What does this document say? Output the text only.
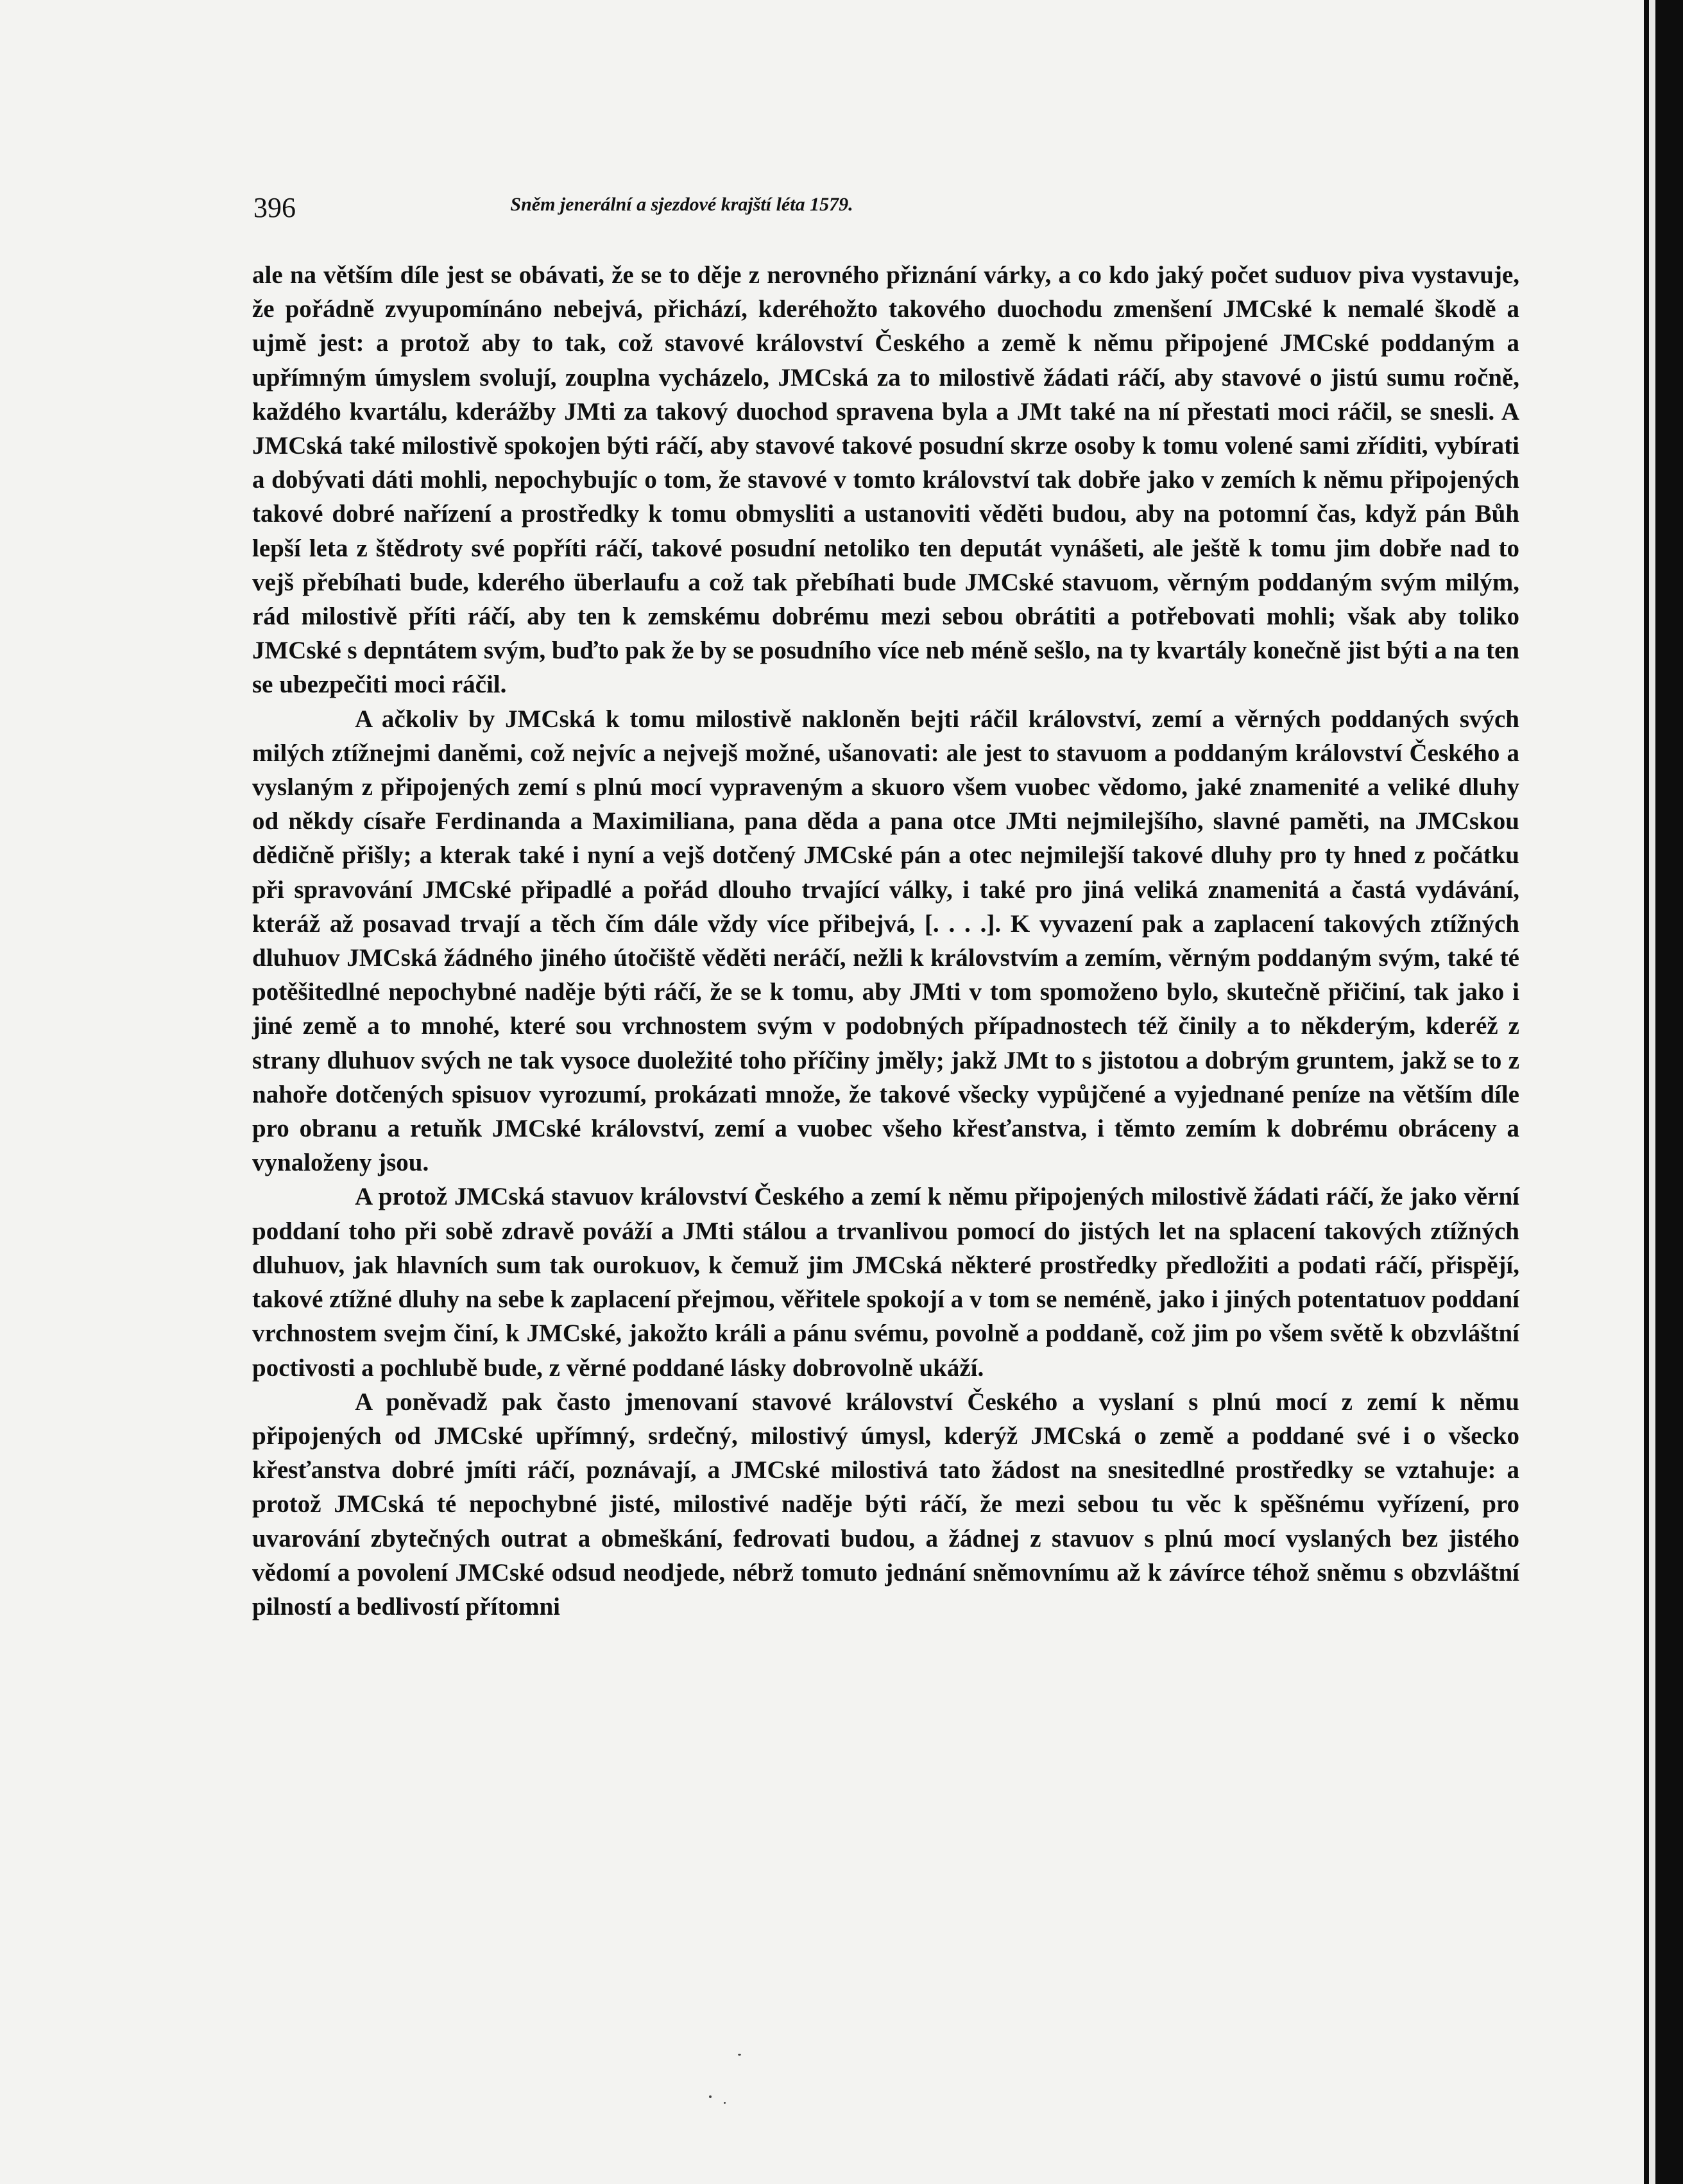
396	Sněm jenerální a sjezdové krajští léta 1579.

ale na větším díle jest se obávati, že se to děje z nerovného přiznání várky, a co kdo jaký počet suduov piva vystavuje, že pořádně zvyupomínáno nebejvá, přichází, kderéhožto takového duochodu zmenšení JMCské k nemalé škodě a ujmě jest: a protož aby to tak, což stavové království Českého a země k němu připojené JMCské poddaným a upřímným úmyslem svolují, zouplna vycházelo, JMCská za to milostivě žádati ráčí, aby stavové o jistú sumu ročně, každého kvartálu, kderážby JMti za takový duochod spravena byla a JMt také na ní přestati moci ráčil, se snesli. A JMCská také milostivě spokojen býti ráčí, aby stavové takové posudní skrze osoby k tomu volené sami zříditi, vybírati a dobývati dáti mohli, nepochybujíc o tom, že stavové v tomto království tak dobře jako v zemích k němu připojených takové dobré nařízení a prostředky k tomu obmysliti a ustanoviti věděti budou, aby na potomní čas, když pán Bůh lepší leta z štědroty své popříti ráčí, takové posudní netoliko ten deputát vynášeti, ale ještě k tomu jim dobře nad to vejš přebíhati bude, kderého überlaufu a což tak přebíhati bude JMCské stavuom, věrným poddaným svým milým, rád milostivě příti ráčí, aby ten k zemskému dobrému mezi sebou obrátiti a potřebovati mohli; však aby toliko JMCské s depntátem svým, buďto pak že by se posudního více neb méně sešlo, na ty kvartály konečně jist býti a na ten se ubezpečiti moci ráčil.

A ačkoliv by JMCská k tomu milostivě nakloněn bejti ráčil království, zemí a věrných poddaných svých milých ztížnejmi daněmi, což nejvíc a nejvejš možné, ušanovati: ale jest to stavuom a poddaným království Českého a vyslaným z připojených zemí s plnú mocí vypraveným a skuoro všem vuobec vědomo, jaké znamenité a veliké dluhy od někdy císaře Ferdinanda a Maximiliana, pana děda a pana otce JMti nejmilejšího, slavné paměti, na JMCskou dědičně přišly; a kterak také i nyní a vejš dotčený JMCské pán a otec nejmilejší takové dluhy pro ty hned z počátku při spravování JMCské připadlé a pořád dlouho trvající války, i také pro jiná veliká znamenitá a častá vydávání, kteráž až posavad trvají a těch čím dále vždy více přibejvá, [. . . .]. K vyvazení pak a zaplacení takových ztížných dluhuov JMCská žádného jiného útočiště věděti neráčí, nežli k královstvím a zemím, věrným poddaným svým, také té potěšitedlné nepochybné naděje býti ráčí, že se k tomu, aby JMti v tom spomoženo bylo, skutečně přičiní, tak jako i jiné země a to mnohé, které sou vrchnostem svým v podobných případnostech též činily a to někderým, kderéž z strany dluhuov svých ne tak vysoce duoležité toho příčiny jměly; jakž JMt to s jistotou a dobrým gruntem, jakž se to z nahoře dotčených spisuov vyrozumí, prokázati množe, že takové všecky vypůjčené a vyjednané peníze na větším díle pro obranu a retuňk JMCské království, zemí a vuobec všeho křesťanstva, i těmto zemím k dobrému obráceny a vynaloženy jsou.

A protož JMCská stavuov království Českého a zemí k němu připojených milostivě žádati ráčí, že jako věrní poddaní toho při sobě zdravě pováží a JMti stálou a trvanlivou pomocí do jistých let na splacení takových ztížných dluhuov, jak hlavních sum tak ourokuov, k čemuž jim JMCská některé prostředky předložiti a podati ráčí, přispějí, takové ztížné dluhy na sebe k zaplacení přejmou, věřitele spokojí a v tom se neméně, jako i jiných potentatuov poddaní vrchnostem svejm činí, k JMCské, jakožto králi a pánu svému, povolně a poddaně, což jim po všem světě k obzvláštní poctivosti a pochlubě bude, z věrné poddané lásky dobrovolně ukáží.

A poněvadž pak často jmenovaní stavové království Českého a vyslaní s plnú mocí z zemí k němu připojených od JMCské upřímný, srdečný, milostivý úmysl, kderýž JMCská o země a poddané své i o všecko křesťanstva dobré jmíti ráčí, poznávají, a JMCské milostivá tato žádost na snesitedlné prostředky se vztahuje: a protož JMCská té nepochybné jisté, milostivé naděje býti ráčí, že mezi sebou tu věc k spěšnému vyřízení, pro uvarování zbytečných outrat a obmeškání, fedrovati budou, a žádnej z stavuov s plnú mocí vyslaných bez jistého vědomí a povolení JMCské odsud neodjede, nébrž tomuto jednání sněmovnímu až k závírce téhož sněmu s obzvláštní pilností a bedlivostí přítomni
